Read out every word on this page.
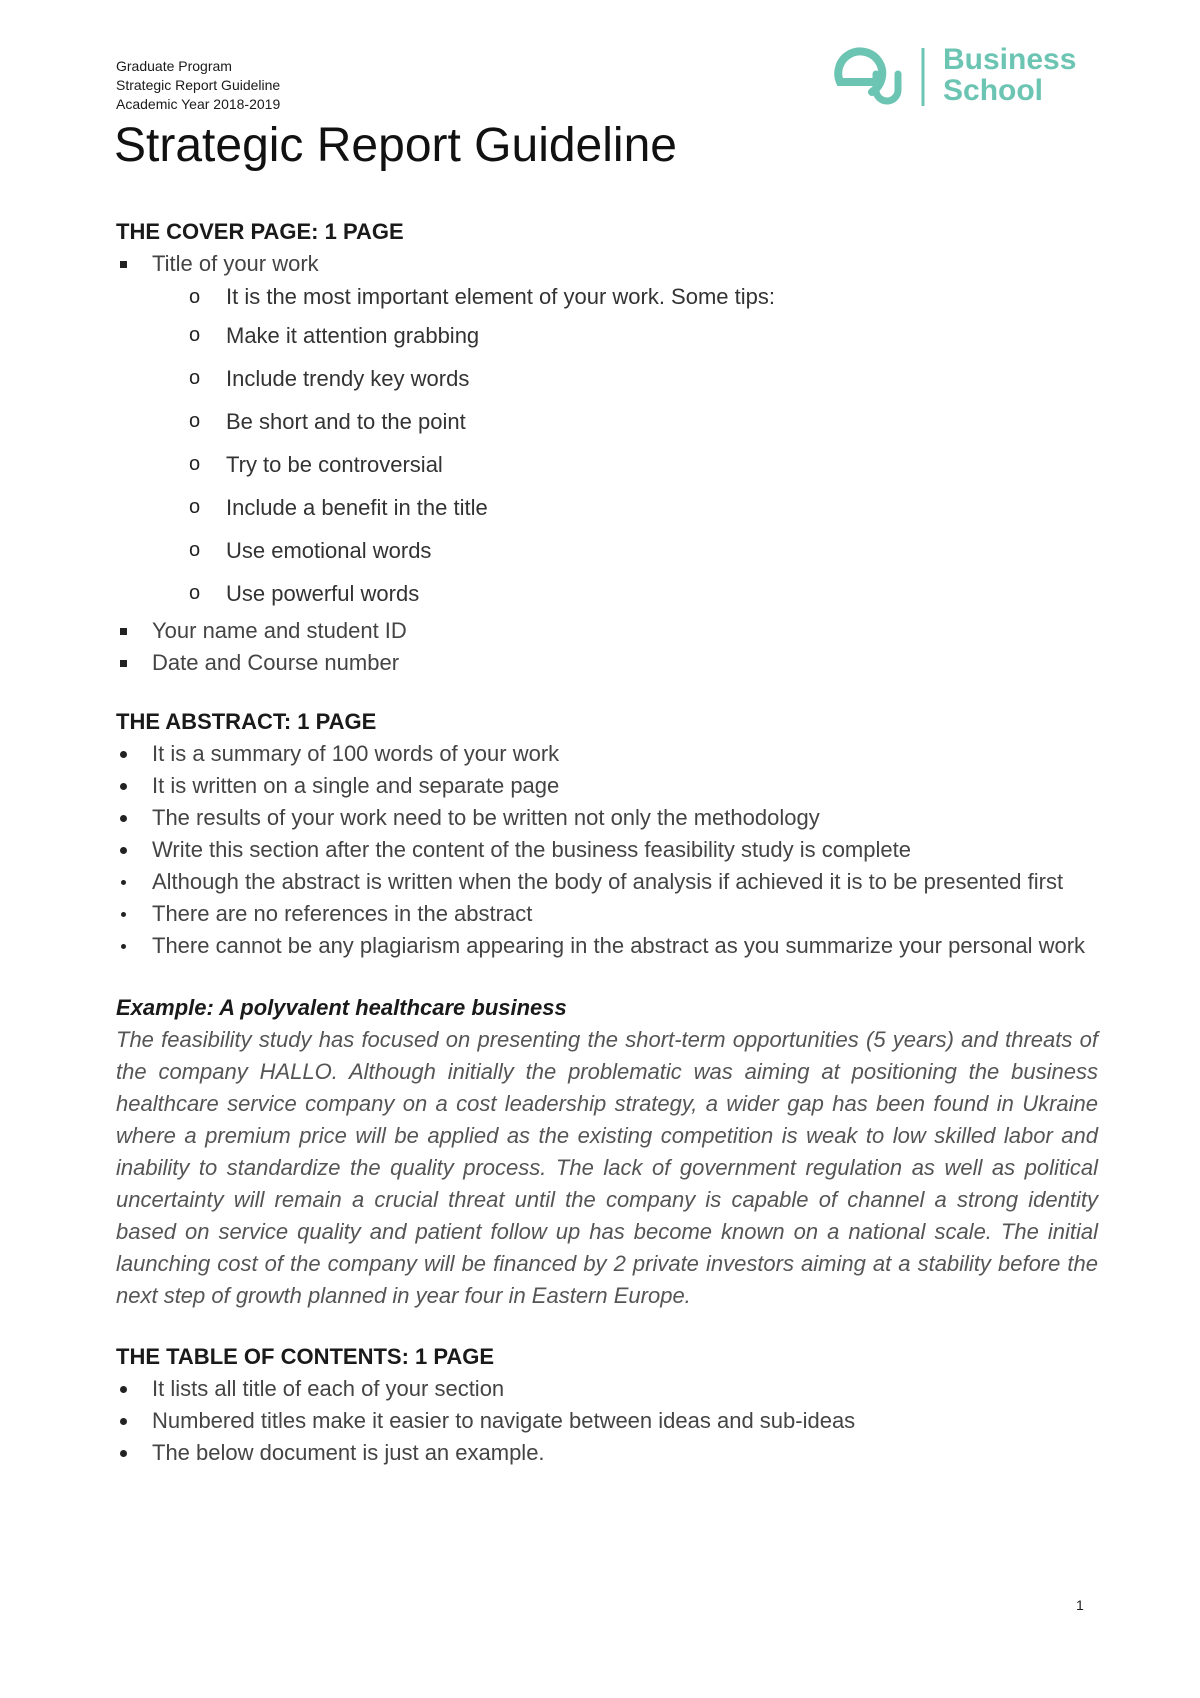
Graduate Program
Strategic Report Guideline
Academic Year 2018-2019
Business
School
Strategic Report Guideline

THE COVER PAGE: 1 PAGE

Title of your work
o It is the most important element of your work. Some tips:
o Make it attention grabbing
o Include trendy key words
o Be short and to the point
o Try to be controversial
o Include a benefit in the title
o Use emotional words
o Use powerful words
Your name and student ID
Date and Course number

THE ABSTRACT: 1 PAGE

It is a summary of 100 words of your work
It is written on a single and separate page
The results of your work need to be written not only the methodology
Write this section after the content of the business feasibility study is complete
Although the abstract is written when the body of analysis if achieved it is to be presented first
There are no references in the abstract
There cannot be any plagiarism appearing in the abstract as you summarize your personal work

Example: A polyvalent healthcare business

The feasibility study has focused on presenting the short-term opportunities (5 years) and threats of the company HALLO. Although initially the problematic was aiming at positioning the business healthcare service company on a cost leadership strategy, a wider gap has been found in Ukraine where a premium price will be applied as the existing competition is weak to low skilled labor and inability to standardize the quality process. The lack of government regulation as well as political uncertainty will remain a crucial threat until the company is capable of channel a strong identity based on service quality and patient follow up has become known on a national scale. The initial launching cost of the company will be financed by 2 private investors aiming at a stability before the next step of growth planned in year four in Eastern Europe.

THE TABLE OF CONTENTS: 1 PAGE

It lists all title of each of your section
Numbered titles make it easier to navigate between ideas and sub-ideas
The below document is just an example.
1
